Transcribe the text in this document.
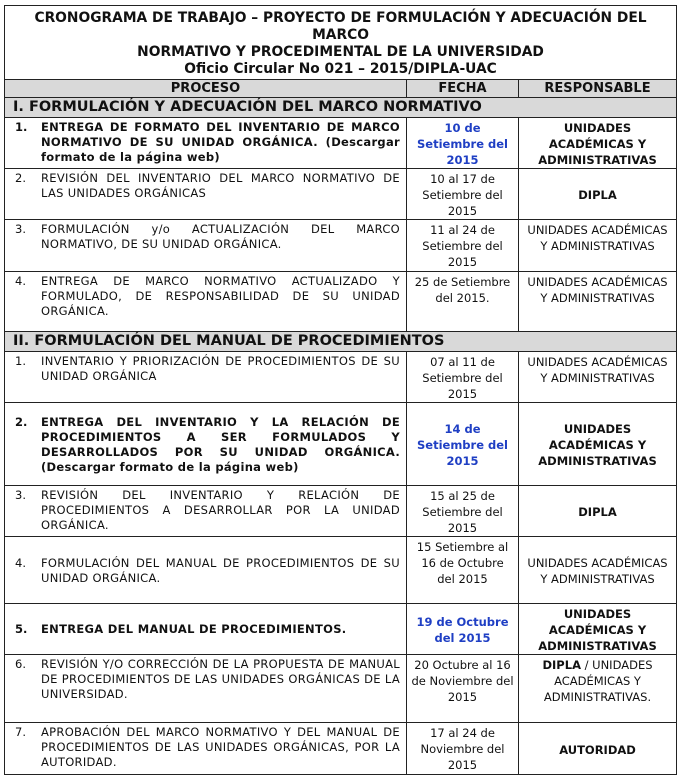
CRONOGRAMA DE TRABAJO – PROYECTO DE FORMULACIÓN Y ADECUACIÓN DEL MARCO
NORMATIVO Y PROCEDIMENTAL DE LA UNIVERSIDAD
Oficio Circular No 021 – 2015/DIPLA-UAC		

PROCESO	FECHA	RESPONSABLE
I. FORMULACIÓN Y ADECUACIÓN DEL MARCO NORMATIVO		

1. ENTREGA DE FORMATO DEL INVENTARIO DE MARCO NORMATIVO DE SU UNIDAD ORGÁNICA. (Descargar formato de la página web)	10 de Setiembre del 2015	UNIDADES ACADÉMICAS Y ADMINISTRATIVAS

2. REVISIÓN DEL INVENTARIO DEL MARCO NORMATIVO DE LAS UNIDADES ORGÁNICAS	10 al 17 de Setiembre del 2015	DIPLA

3. FORMULACIÓN y/o ACTUALIZACIÓN DEL MARCO NORMATIVO, DE SU UNIDAD ORGÁNICA.	11 al 24 de Setiembre del 2015	UNIDADES ACADÉMICAS Y ADMINISTRATIVAS

4. ENTREGA DE MARCO NORMATIVO ACTUALIZADO Y FORMULADO, DE RESPONSABILIDAD DE SU UNIDAD ORGÁNICA.	25 de Setiembre del 2015.	UNIDADES ACADÉMICAS Y ADMINISTRATIVAS
II. FORMULACIÓN DEL MANUAL DE PROCEDIMIENTOS		

1. INVENTARIO Y PRIORIZACIÓN DE PROCEDIMIENTOS DE SU UNIDAD ORGÁNICA	07 al 11 de Setiembre del 2015	UNIDADES ACADÉMICAS Y ADMINISTRATIVAS

2. ENTREGA DEL INVENTARIO Y LA RELACIÓN DE PROCEDIMIENTOS A SER FORMULADOS Y DESARROLLADOS POR SU UNIDAD ORGÁNICA. (Descargar formato de la página web)	14 de Setiembre del 2015	UNIDADES ACADÉMICAS Y ADMINISTRATIVAS

3. REVISIÓN DEL INVENTARIO Y RELACIÓN DE PROCEDIMIENTOS A DESARROLLAR POR LA UNIDAD ORGÁNICA.	15 al 25 de Setiembre del 2015	DIPLA

4. FORMULACIÓN DEL MANUAL DE PROCEDIMIENTOS DE SU UNIDAD ORGÁNICA.	15 Setiembre al 16 de Octubre del 2015	UNIDADES ACADÉMICAS Y ADMINISTRATIVAS

5. ENTREGA DEL MANUAL DE PROCEDIMIENTOS.	19 de Octubre del 2015	UNIDADES ACADÉMICAS Y ADMINISTRATIVAS

6. REVISIÓN Y/O CORRECCIÓN DE LA PROPUESTA DE MANUAL DE PROCEDIMIENTOS DE LAS UNIDADES ORGÁNICAS DE LA UNIVERSIDAD.	20 Octubre al 16 de Noviembre del 2015	DIPLA / UNIDADES ACADÉMICAS Y ADMINISTRATIVAS.

7. APROBACIÓN DEL MARCO NORMATIVO Y DEL MANUAL DE PROCEDIMIENTOS DE LAS UNIDADES ORGÁNICAS, POR LA AUTORIDAD.	17 al 24 de Noviembre del 2015	AUTORIDAD
